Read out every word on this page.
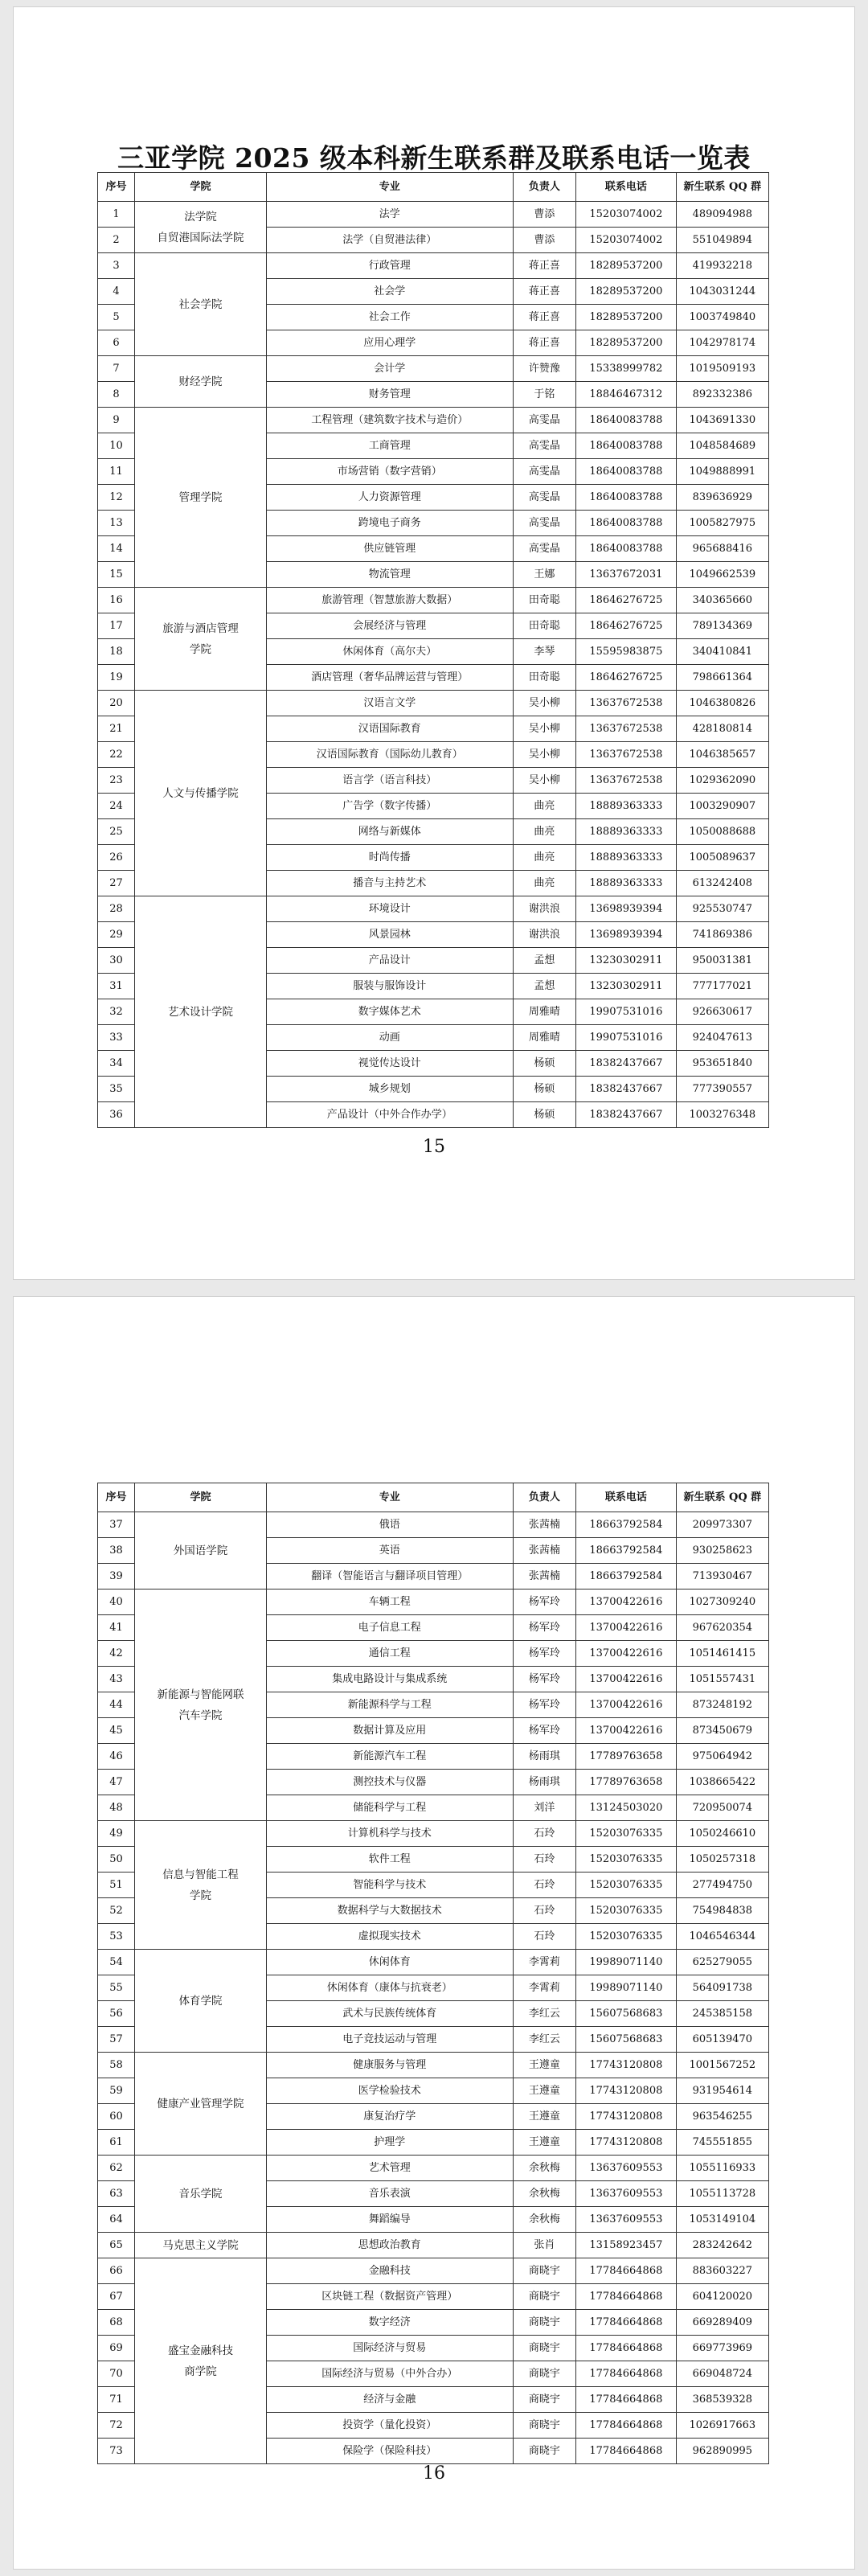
三亚学院 2025 级本科新生联系群及联系电话一览表
序号	学院	专业	负责人	联系电话	新生联系 QQ 群
1	法学院
自贸港国际法学院	法学	曹添	15203074002	489094988
2		法学（自贸港法律）	曹添	15203074002	551049894
3	社会学院	行政管理	蒋正喜	18289537200	419932218
4		社会学	蒋正喜	18289537200	1043031244
5		社会工作	蒋正喜	18289537200	1003749840
6		应用心理学	蒋正喜	18289537200	1042978174
7	财经学院	会计学	许赞豫	15338999782	1019509193
8		财务管理	于铭	18846467312	892332386
9	管理学院	工程管理（建筑数字技术与造价）	高雯晶	18640083788	1043691330
10		工商管理	高雯晶	18640083788	1048584689
11		市场营销（数字营销）	高雯晶	18640083788	1049888991
12		人力资源管理	高雯晶	18640083788	839636929
13		跨境电子商务	高雯晶	18640083788	1005827975
14		供应链管理	高雯晶	18640083788	965688416
15		物流管理	王娜	13637672031	1049662539
16	旅游与酒店管理
学院	旅游管理（智慧旅游大数据）	田奇聪	18646276725	340365660
17		会展经济与管理	田奇聪	18646276725	789134369
18		休闲体育（高尔夫）	李琴	15595983875	340410841
19		酒店管理（奢华品牌运营与管理）	田奇聪	18646276725	798661364
20	人文与传播学院	汉语言文学	吴小柳	13637672538	1046380826
21		汉语国际教育	吴小柳	13637672538	428180814
22		汉语国际教育（国际幼儿教育）	吴小柳	13637672538	1046385657
23		语言学（语言科技）	吴小柳	13637672538	1029362090
24		广告学（数字传播）	曲亮	18889363333	1003290907
25		网络与新媒体	曲亮	18889363333	1050088688
26		时尚传播	曲亮	18889363333	1005089637
27		播音与主持艺术	曲亮	18889363333	613242408
28	艺术设计学院	环境设计	谢洪浪	13698939394	925530747
29		风景园林	谢洪浪	13698939394	741869386
30		产品设计	孟想	13230302911	950031381
31		服装与服饰设计	孟想	13230302911	777177021
32		数字媒体艺术	周雅晴	19907531016	926630617
33		动画	周雅晴	19907531016	924047613
34		视觉传达设计	杨硕	18382437667	953651840
35		城乡规划	杨硕	18382437667	777390557
36		产品设计（中外合作办学）	杨硕	18382437667	1003276348
15
序号	学院	专业	负责人	联系电话	新生联系 QQ 群
37	外国语学院	俄语	张茜楠	18663792584	209973307
38		英语	张茜楠	18663792584	930258623
39		翻译（智能语言与翻译项目管理）	张茜楠	18663792584	713930467
40	新能源与智能网联
汽车学院	车辆工程	杨军玲	13700422616	1027309240
41		电子信息工程	杨军玲	13700422616	967620354
42		通信工程	杨军玲	13700422616	1051461415
43		集成电路设计与集成系统	杨军玲	13700422616	1051557431
44		新能源科学与工程	杨军玲	13700422616	873248192
45		数据计算及应用	杨军玲	13700422616	873450679
46		新能源汽车工程	杨雨琪	17789763658	975064942
47		测控技术与仪器	杨雨琪	17789763658	1038665422
48		储能科学与工程	刘洋	13124503020	720950074
49	信息与智能工程
学院	计算机科学与技术	石玲	15203076335	1050246610
50		软件工程	石玲	15203076335	1050257318
51		智能科学与技术	石玲	15203076335	277494750
52		数据科学与大数据技术	石玲	15203076335	754984838
53		虚拟现实技术	石玲	15203076335	1046546344
54	体育学院	休闲体育	李霄莉	19989071140	625279055
55		休闲体育（康体与抗衰老）	李霄莉	19989071140	564091738
56		武术与民族传统体育	李红云	15607568683	245385158
57		电子竞技运动与管理	李红云	15607568683	605139470
58	健康产业管理学院	健康服务与管理	王遵童	17743120808	1001567252
59		医学检验技术	王遵童	17743120808	931954614
60		康复治疗学	王遵童	17743120808	963546255
61		护理学	王遵童	17743120808	745551855
62	音乐学院	艺术管理	余秋梅	13637609553	1055116933
63		音乐表演	余秋梅	13637609553	1055113728
64		舞蹈编导	余秋梅	13637609553	1053149104
65	马克思主义学院	思想政治教育	张肖	13158923457	283242642
66	盛宝金融科技
商学院	金融科技	商晓宇	17784664868	883603227
67		区块链工程（数据资产管理）	商晓宇	17784664868	604120020
68		数字经济	商晓宇	17784664868	669289409
69		国际经济与贸易	商晓宇	17784664868	669773969
70		国际经济与贸易（中外合办）	商晓宇	17784664868	669048724
71		经济与金融	商晓宇	17784664868	368539328
72		投资学（量化投资）	商晓宇	17784664868	1026917663
73		保险学（保险科技）	商晓宇	17784664868	962890995
16
